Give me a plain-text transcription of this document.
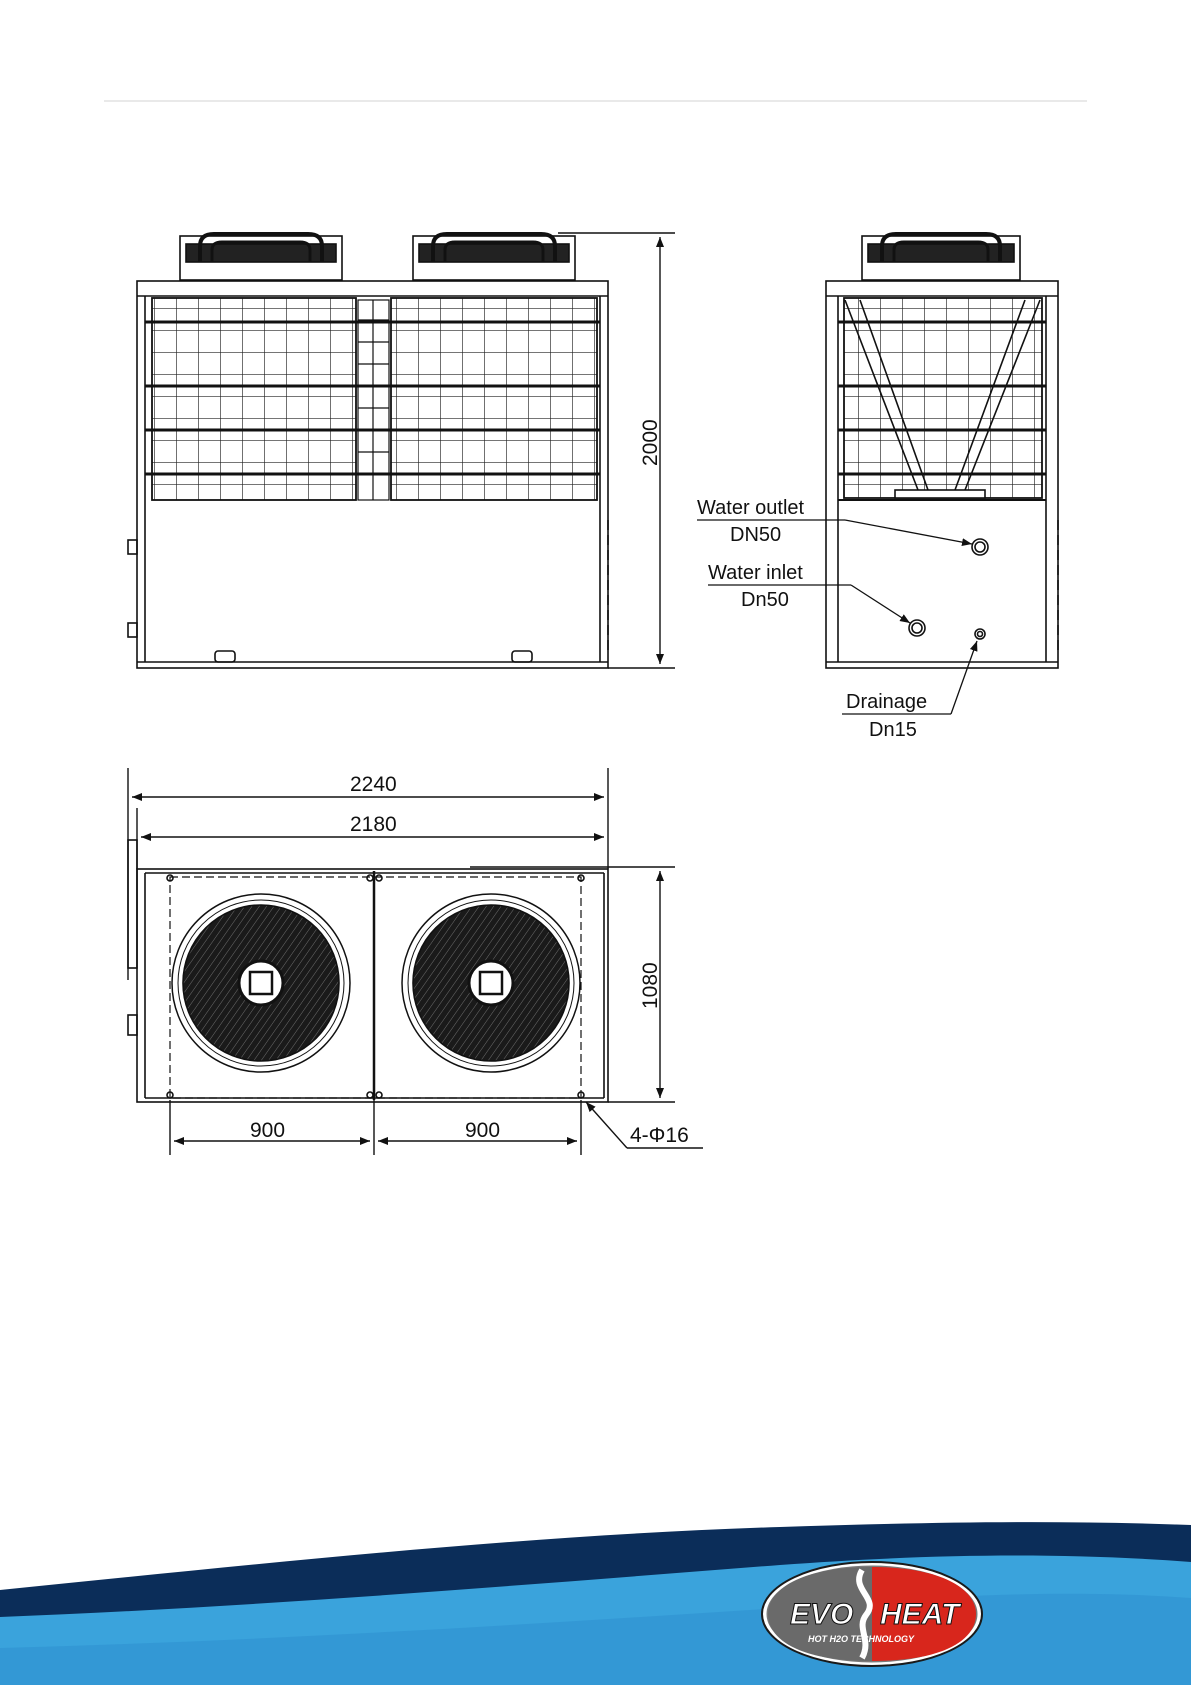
2000
Water outlet
DN50
Water inlet
Dn50
Drainage
Dn15
2240
2180
1080
900	900	4-Φ16
EVO HEAT
HOT H2O TECHNOLOGY
